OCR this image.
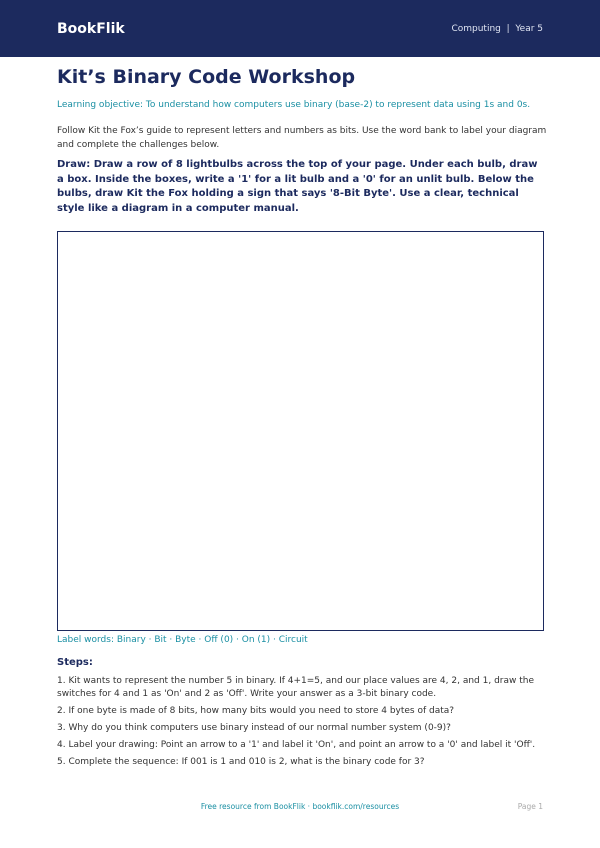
BookFlik	Computing  |  Year 5
Kit’s Binary Code Workshop

Learning objective: To understand how computers use binary (base-2) to represent data using 1s and 0s.

Follow Kit the Fox’s guide to represent letters and numbers as bits. Use the word bank to label your diagram and complete the challenges below.

Draw: Draw a row of 8 lightbulbs across the top of your page. Under each bulb, draw a box. Inside the boxes, write a '1' for a lit bulb and a '0' for an unlit bulb. Below the bulbs, draw Kit the Fox holding a sign that says '8-Bit Byte'. Use a clear, technical style like a diagram in a computer manual.

Label words: Binary · Bit · Byte · Off (0) · On (1) · Circuit

Steps:
1. Kit wants to represent the number 5 in binary. If 4+1=5, and our place values are 4, 2, and 1, draw the switches for 4 and 1 as 'On' and 2 as 'Off'. Write your answer as a 3-bit binary code.
2. If one byte is made of 8 bits, how many bits would you need to store 4 bytes of data?
3. Why do you think computers use binary instead of our normal number system (0-9)?
4. Label your drawing: Point an arrow to a '1' and label it 'On', and point an arrow to a '0' and label it 'Off'.
5. Complete the sequence: If 001 is 1 and 010 is 2, what is the binary code for 3?
Free resource from BookFlik · bookflik.com/resources	Page 1
